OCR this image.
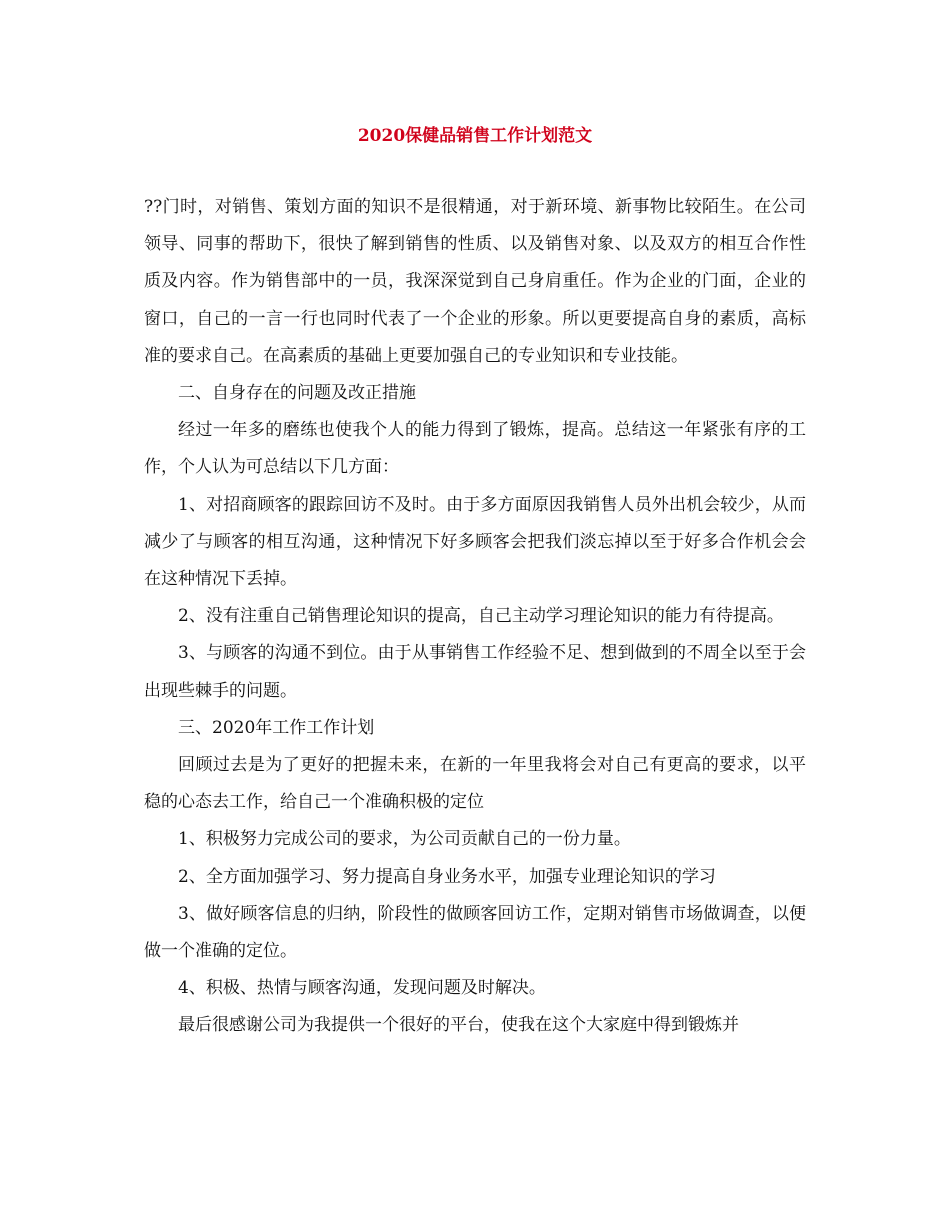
2020保健品销售工作计划范文

??门时，对销售、策划方面的知识不是很精通，对于新环境、新事物比较陌生。在公司领导、同事的帮助下，很快了解到销售的性质、以及销售对象、以及双方的相互合作性质及内容。作为销售部中的一员，我深深觉到自己身肩重任。作为企业的门面，企业的窗口，自己的一言一行也同时代表了一个企业的形象。所以更要提高自身的素质，高标准的要求自己。在高素质的基础上更要加强自己的专业知识和专业技能。

二、自身存在的问题及改正措施

经过一年多的磨练也使我个人的能力得到了锻炼，提高。总结这一年紧张有序的工作，个人认为可总结以下几方面：

1、对招商顾客的跟踪回访不及时。由于多方面原因我销售人员外出机会较少，从而减少了与顾客的相互沟通，这种情况下好多顾客会把我们淡忘掉以至于好多合作机会会在这种情况下丢掉。

2、没有注重自己销售理论知识的提高，自己主动学习理论知识的能力有待提高。

3、与顾客的沟通不到位。由于从事销售工作经验不足、想到做到的不周全以至于会出现些棘手的问题。

三、2020年工作工作计划

回顾过去是为了更好的把握未来，在新的一年里我将会对自己有更高的要求，以平稳的心态去工作，给自己一个准确积极的定位

1、积极努力完成公司的要求，为公司贡献自己的一份力量。

2、全方面加强学习、努力提高自身业务水平，加强专业理论知识的学习

3、做好顾客信息的归纳，阶段性的做顾客回访工作，定期对销售市场做调查，以便做一个准确的定位。

4、积极、热情与顾客沟通，发现问题及时解决。

最后很感谢公司为我提供一个很好的平台，使我在这个大家庭中得到锻炼并
